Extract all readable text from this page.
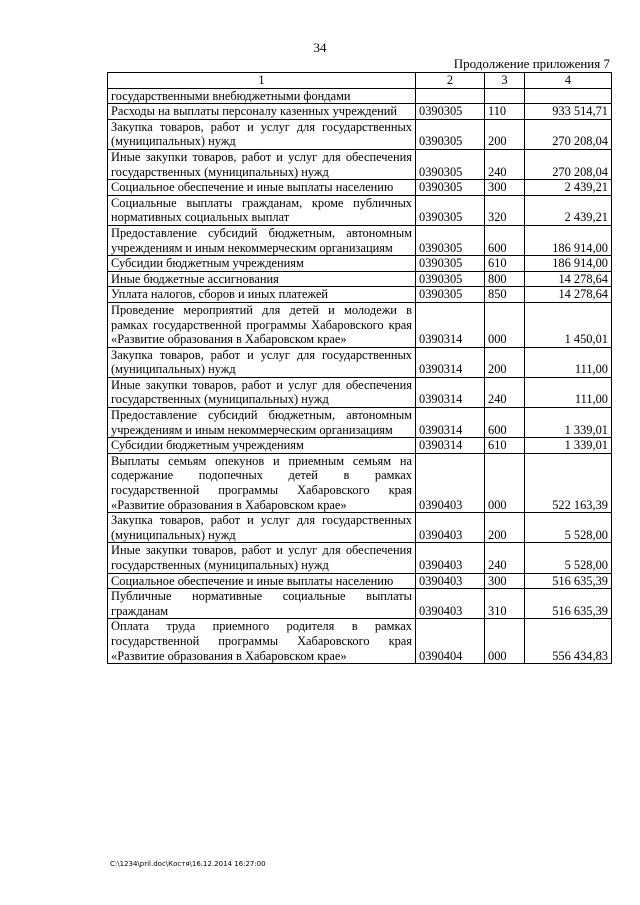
34
Продолжение приложения 7
1	2	3	4
государственными внебюджетными фондами			
Расходы на выплаты персоналу казенных учреждений	0390305	110	933 514,71
Закупка товаров, работ и услуг для государственных (муниципальных) нужд	0390305	200	270 208,04
Иные закупки товаров, работ и услуг для обеспечения государственных (муниципальных) нужд	0390305	240	270 208,04
Социальное обеспечение и иные выплаты населению	0390305	300	2 439,21
Социальные выплаты гражданам, кроме публичных нормативных социальных выплат	0390305	320	2 439,21
Предоставление субсидий бюджетным, автономным учреждениям и иным некоммерческим организациям	0390305	600	186 914,00
Субсидии бюджетным учреждениям	0390305	610	186 914,00
Иные бюджетные ассигнования	0390305	800	14 278,64
Уплата налогов, сборов и иных платежей	0390305	850	14 278,64
Проведение мероприятий для детей и молодежи в рамках государственной программы Хабаровского края «Развитие образования в Хабаровском крае»	0390314	000	1 450,01
Закупка товаров, работ и услуг для государственных (муниципальных) нужд	0390314	200	111,00
Иные закупки товаров, работ и услуг для обеспечения государственных (муниципальных) нужд	0390314	240	111,00
Предоставление субсидий бюджетным, автономным учреждениям и иным некоммерческим организациям	0390314	600	1 339,01
Субсидии бюджетным учреждениям	0390314	610	1 339,01
Выплаты семьям опекунов и приемным семьям на содержание подопечных детей в рамках государственной программы Хабаровского края «Развитие образования в Хабаровском крае»	0390403	000	522 163,39
Закупка товаров, работ и услуг для государственных (муниципальных) нужд	0390403	200	5 528,00
Иные закупки товаров, работ и услуг для обеспечения государственных (муниципальных) нужд	0390403	240	5 528,00
Социальное обеспечение и иные выплаты населению	0390403	300	516 635,39
Публичные нормативные социальные выплаты гражданам	0390403	310	516 635,39
Оплата труда приемного родителя в рамках государственной программы Хабаровского края «Развитие образования в Хабаровском крае»	0390404	000	556 434,83
C:\1234\pril.doc\Костя\16.12.2014 16:27:00
